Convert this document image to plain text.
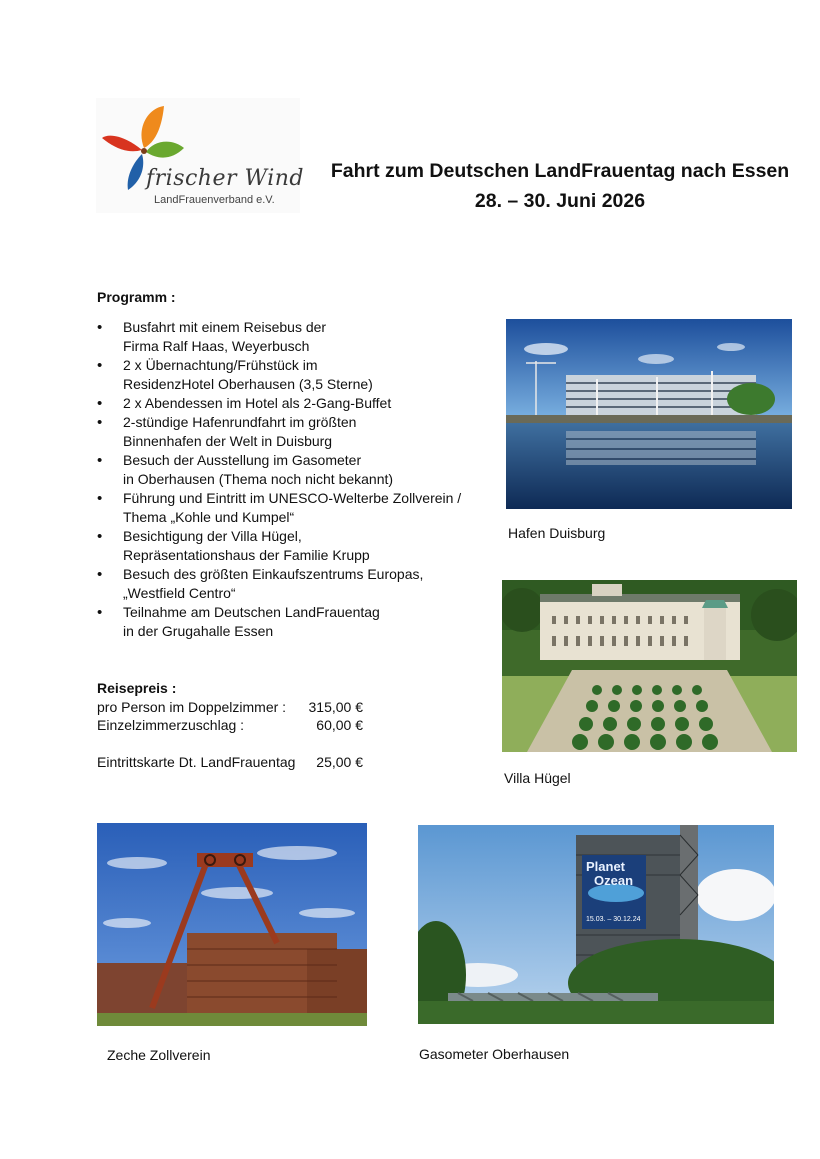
frischer Wind
LandFrauenverband e.V.
Fahrt zum Deutschen LandFrauentag nach Essen
28. – 30. Juni 2026
Programm :
• Busfahrt mit einem Reisebus der
Firma Ralf Haas, Weyerbusch
• 2 x Übernachtung/Frühstück im
ResidenzHotel Oberhausen (3,5 Sterne)
• 2 x Abendessen im Hotel als 2-Gang-Buffet
• 2-stündige Hafenrundfahrt im größten
Binnenhafen der Welt in Duisburg
• Besuch der Ausstellung im Gasometer
in Oberhausen (Thema noch nicht bekannt)
• Führung und Eintritt im UNESCO-Welterbe Zollverein /
Thema „Kohle und Kumpel“
• Besichtigung der Villa Hügel,
Repräsentationshaus der Familie Krupp
• Besuch des größten Einkaufszentrums Europas,
„Westfield Centro“
• Teilnahme am Deutschen LandFrauentag
in der Grugahalle Essen
Reisepreis :
pro Person im Doppelzimmer : 315,00 €
Einzelzimmerzuschlag :	60,00 €
Eintrittskarte Dt. LandFrauentag 25,00 €
Hafen Duisburg
Villa Hügel
Zeche Zollverein
Planet
Ozean
15.03. – 30.12.24
Gasometer Oberhausen
